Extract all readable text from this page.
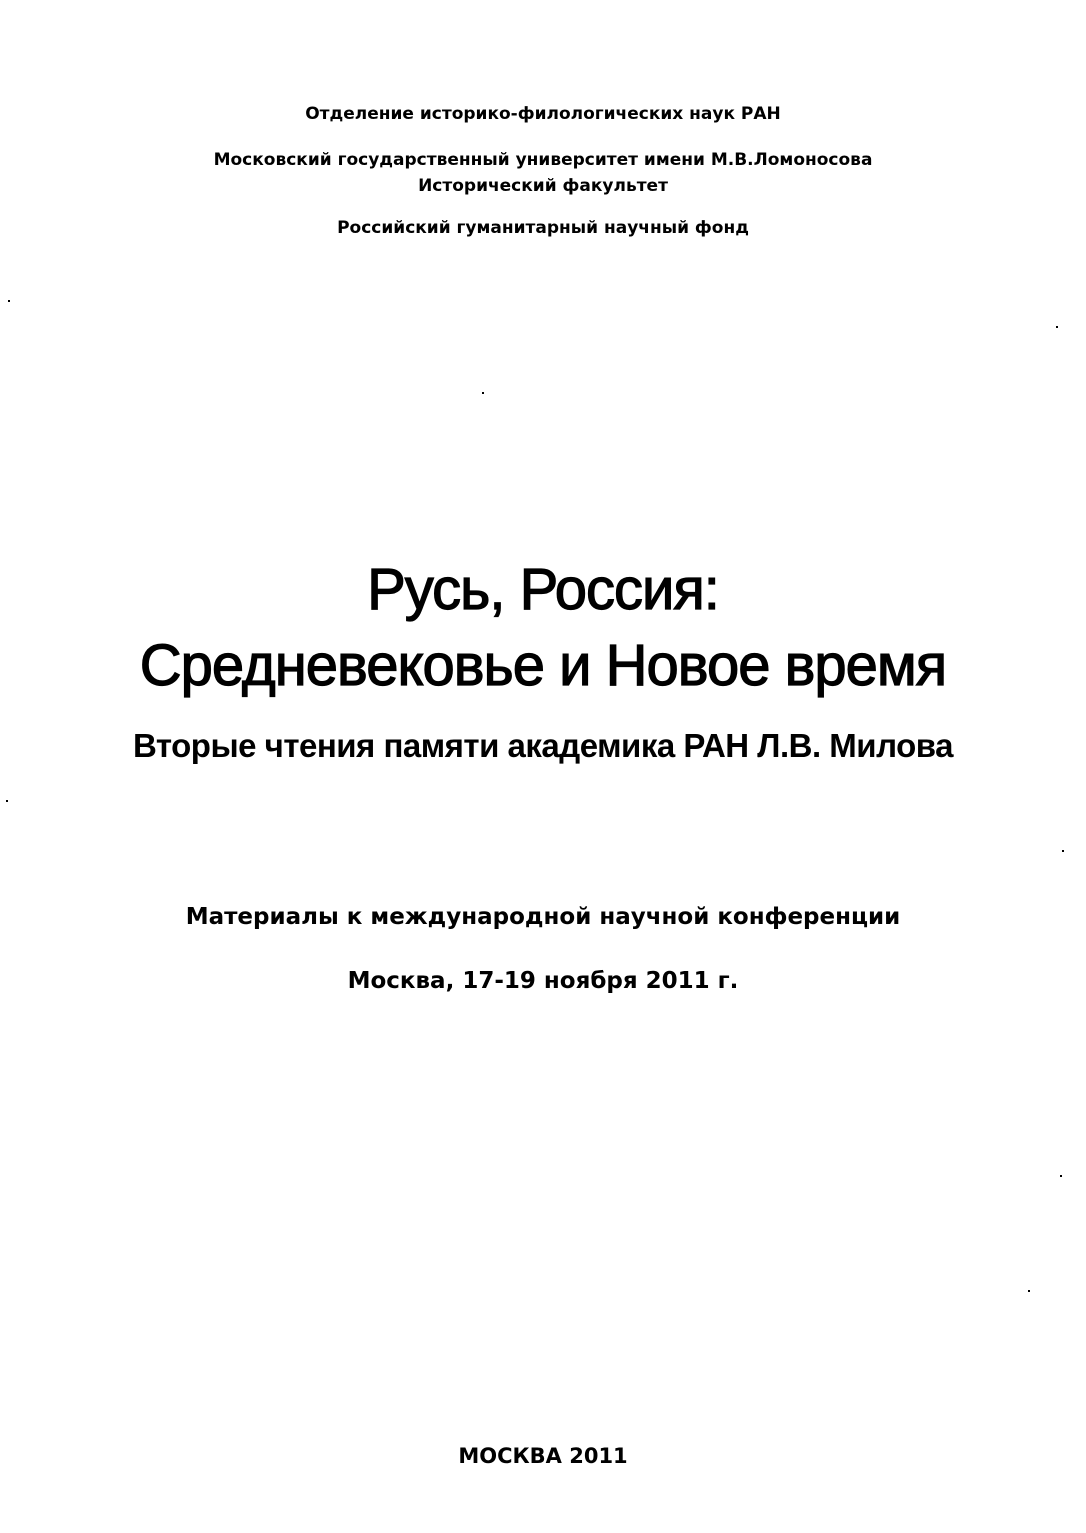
Отделение историко-филологических наук РАН
Московский государственный университет имени М.В.Ломоносова
Исторический факультет
Российский гуманитарный научный фонд
Русь, Россия:
Средневековье и Новое время
Вторые чтения памяти академика РАН Л.В. Милова
Материалы к международной научной конференции
Москва, 17-19 ноября 2011 г.
МОСКВА 2011
